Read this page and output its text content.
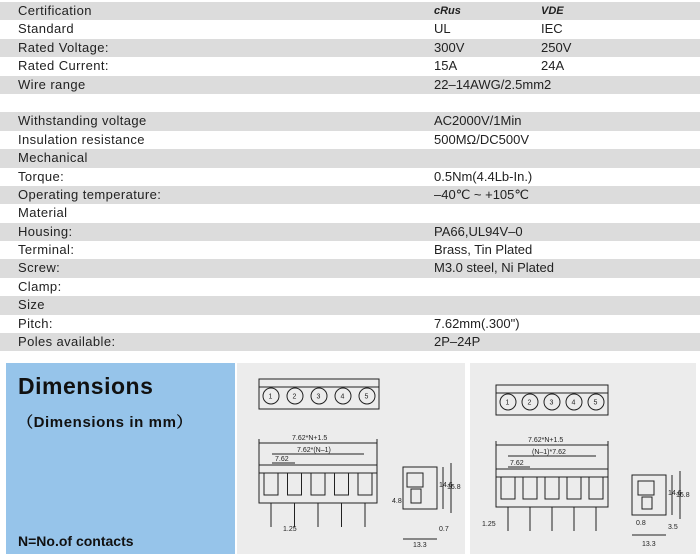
Certification	cRus	VDE
Standard	UL	IEC
Rated Voltage:	300V	250V
Rated Current:	15A	24A
Wire range	22–14AWG/2.5mm2
Withstanding voltage	AC2000V/1Min
Insulation resistance	500MΩ/DC500V
Mechanical
Torque:	0.5Nm(4.4Lb-In.)
Operating temperature:	–40℃ ~ +105℃
Material
Housing:	PA66,UL94V–0
Terminal:	Brass, Tin Plated
Screw:	M3.0 steel, Ni Plated
Clamp:
Size
Pitch:	7.62mm(.300")
Poles available:	2P–24P
Dimensions
（Dimensions in mm）
N=No.of contacts
1	2	3	4	5
7.62*N+1.5
7.62*(N–1)
7.62
1.25
4.8
14.6
16.8
13.3
0.7
1	2	3	4	5
7.62*N+1.5
(N–1)*7.62
7.62
1.25
14.6
16.8
13.3
0.8
3.5
